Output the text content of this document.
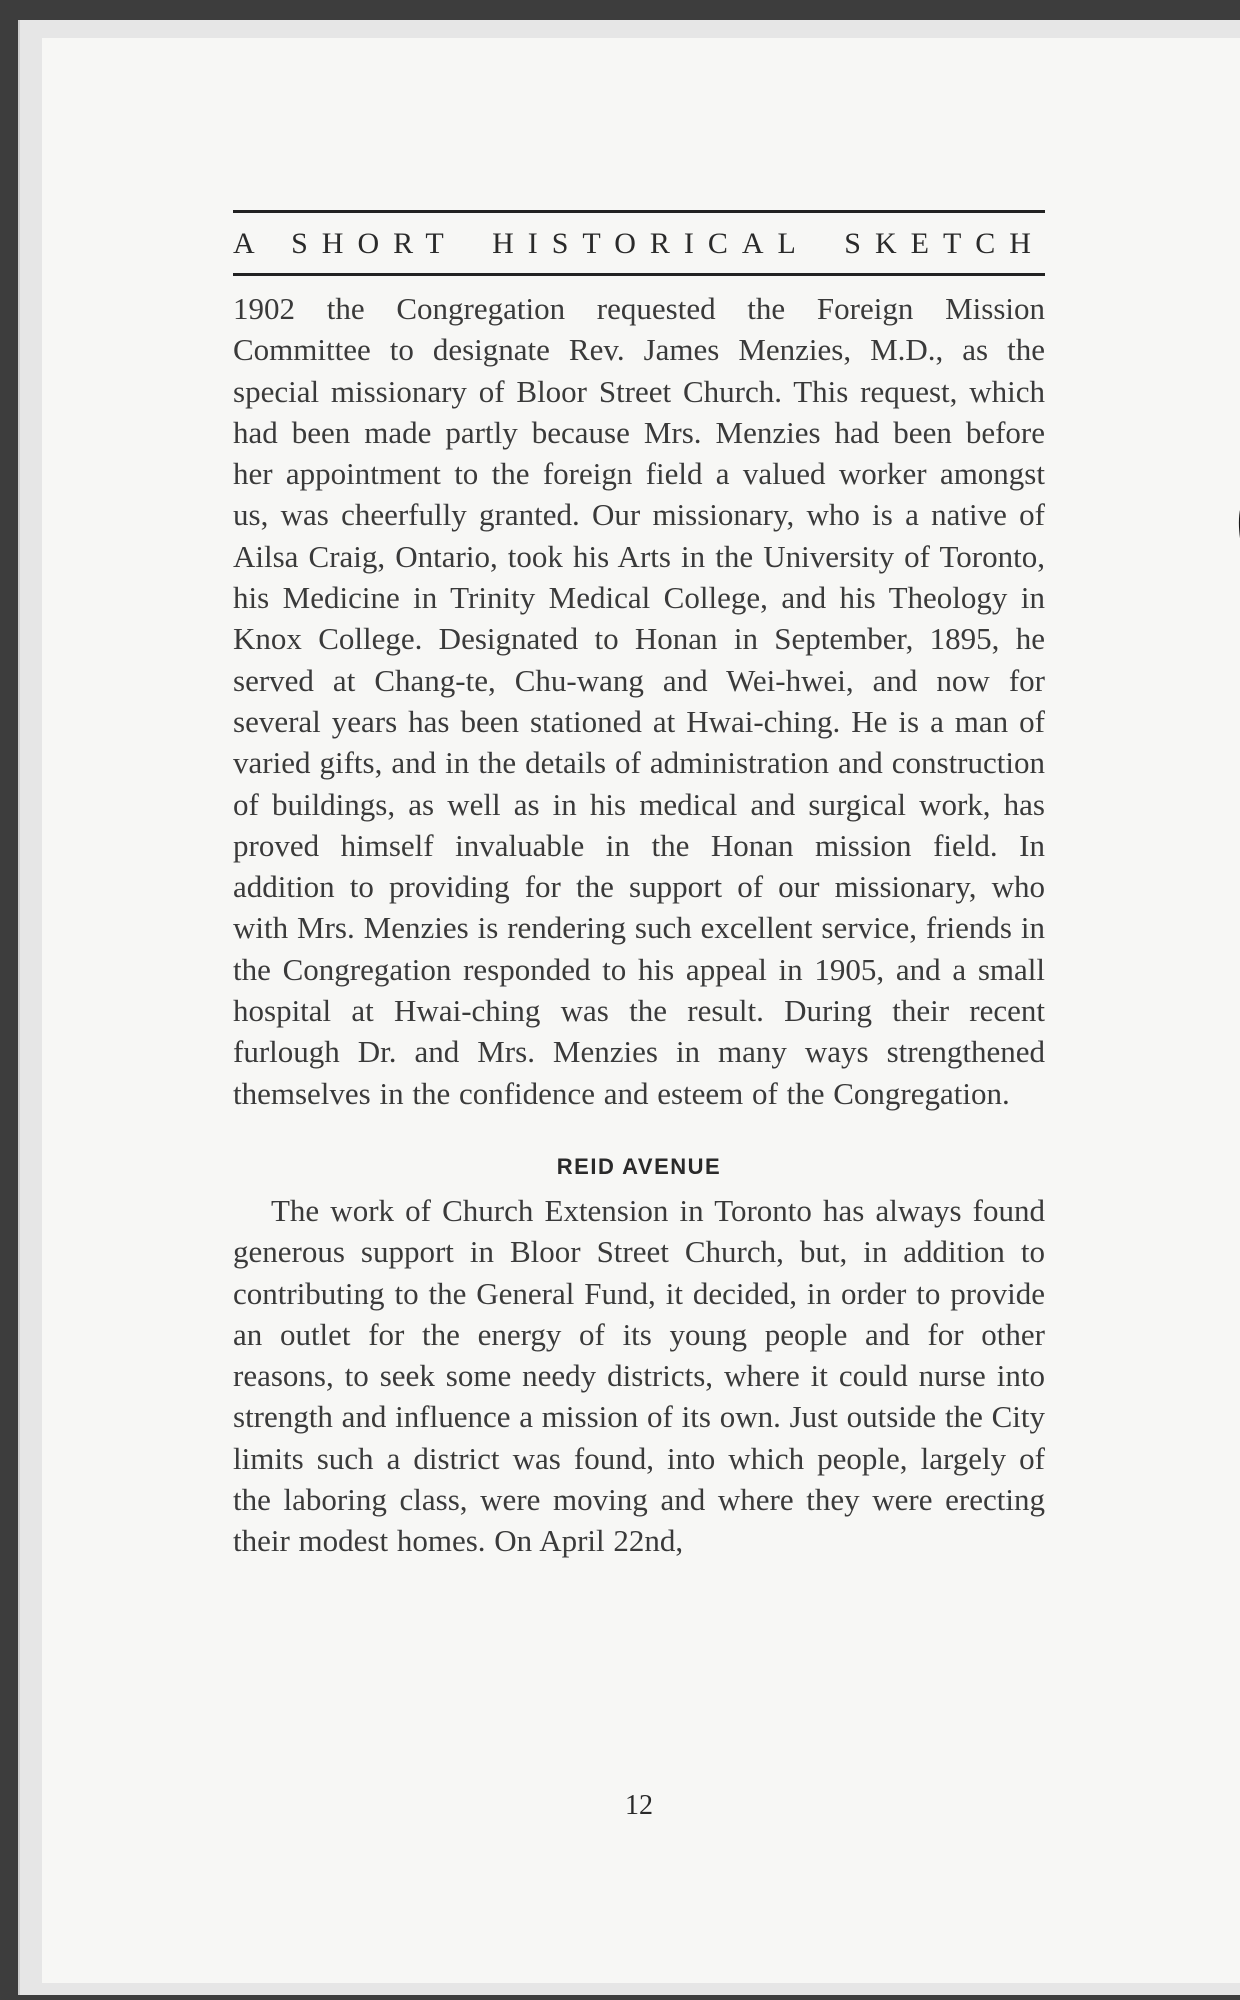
A SHORT HISTORICAL SKETCH

1902 the Congregation requested the Foreign Mission Committee to designate Rev. James Menzies, M.D., as the special missionary of Bloor Street Church. This request, which had been made partly because Mrs. Menzies had been before her appointment to the foreign field a valued worker amongst us, was cheerfully granted. Our missionary, who is a native of Ailsa Craig, Ontario, took his Arts in the University of Toronto, his Medicine in Trinity Medical College, and his Theology in Knox College. Designated to Honan in September, 1895, he served at Chang-te, Chu-wang and Wei-hwei, and now for several years has been stationed at Hwai-ching. He is a man of varied gifts, and in the details of administration and construction of buildings, as well as in his medical and surgical work, has proved himself invaluable in the Honan mission field. In addition to providing for the support of our missionary, who with Mrs. Menzies is rendering such excellent service, friends in the Congregation responded to his appeal in 1905, and a small hospital at Hwai-ching was the result. During their recent furlough Dr. and Mrs. Menzies in many ways strengthened themselves in the confidence and esteem of the Congregation.

REID AVENUE

The work of Church Extension in Toronto has always found generous support in Bloor Street Church, but, in addition to contributing to the General Fund, it decided, in order to provide an outlet for the energy of its young people and for other reasons, to seek some needy districts, where it could nurse into strength and influence a mission of its own. Just outside the City limits such a district was found, into which people, largely of the laboring class, were moving and where they were erecting their modest homes. On April 22nd,

12
